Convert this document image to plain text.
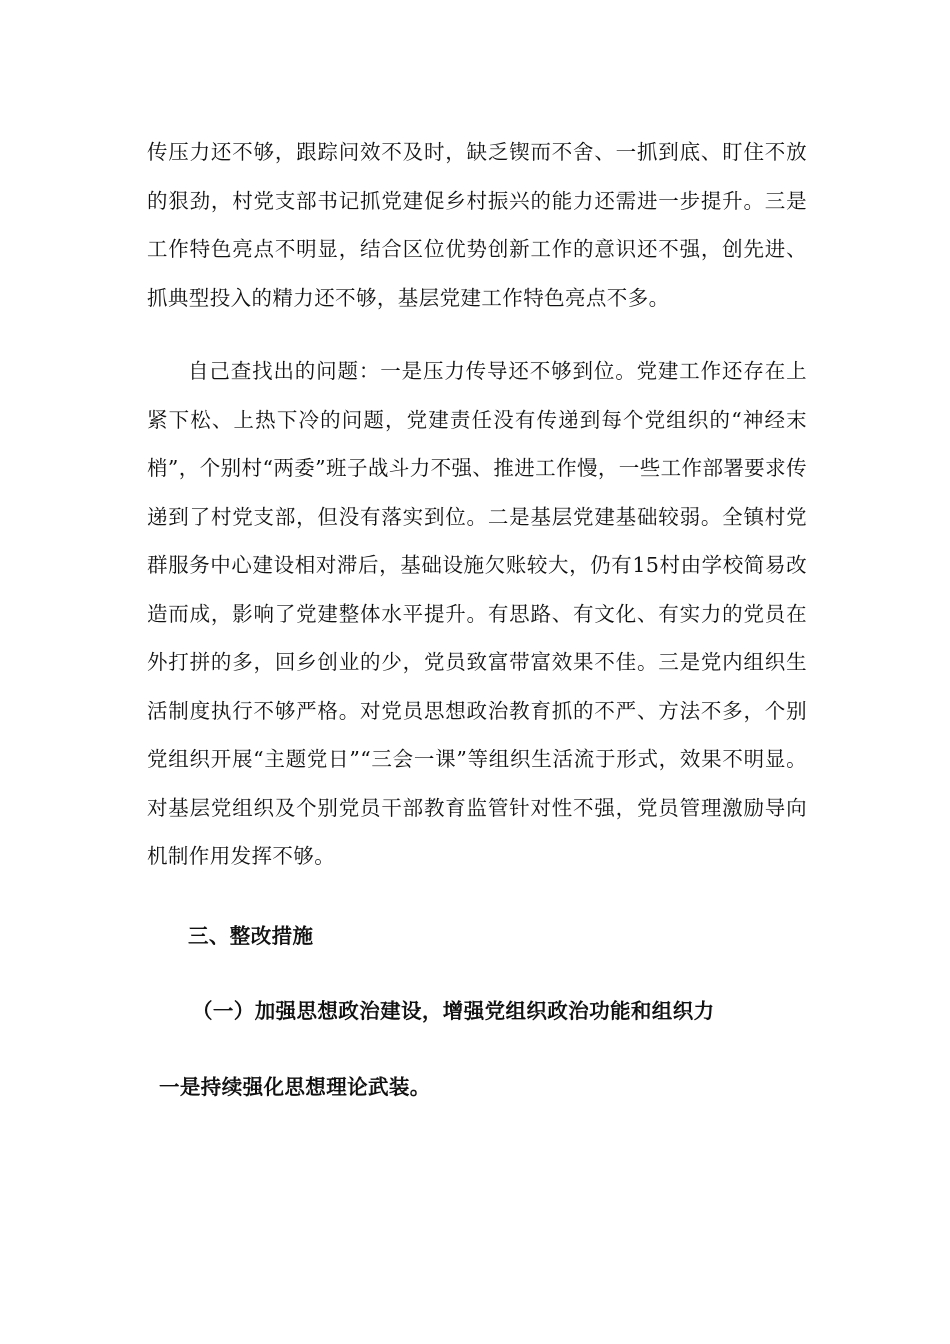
传压力还不够，跟踪问效不及时，缺乏锲而不舍、一抓到底、盯住不放的狠劲，村党支部书记抓党建促乡村振兴的能力还需进一步提升。三是工作特色亮点不明显，结合区位优势创新工作的意识还不强，创先进、抓典型投入的精力还不够，基层党建工作特色亮点不多。

自己查找出的问题：一是压力传导还不够到位。党建工作还存在上紧下松、上热下冷的问题，党建责任没有传递到每个党组织的“神经末梢”，个别村“两委”班子战斗力不强、推进工作慢，一些工作部署要求传递到了村党支部，但没有落实到位。二是基层党建基础较弱。全镇村党群服务中心建设相对滞后，基础设施欠账较大，仍有15村由学校简易改造而成，影响了党建整体水平提升。有思路、有文化、有实力的党员在外打拼的多，回乡创业的少，党员致富带富效果不佳。三是党内组织生活制度执行不够严格。对党员思想政治教育抓的不严、方法不多，个别党组织开展“主题党日”“三会一课”等组织生活流于形式，效果不明显。对基层党组织及个别党员干部教育监管针对性不强，党员管理激励导向机制作用发挥不够。

三、整改措施
（一）加强思想政治建设，增强党组织政治功能和组织力
一是持续强化思想理论武装。
